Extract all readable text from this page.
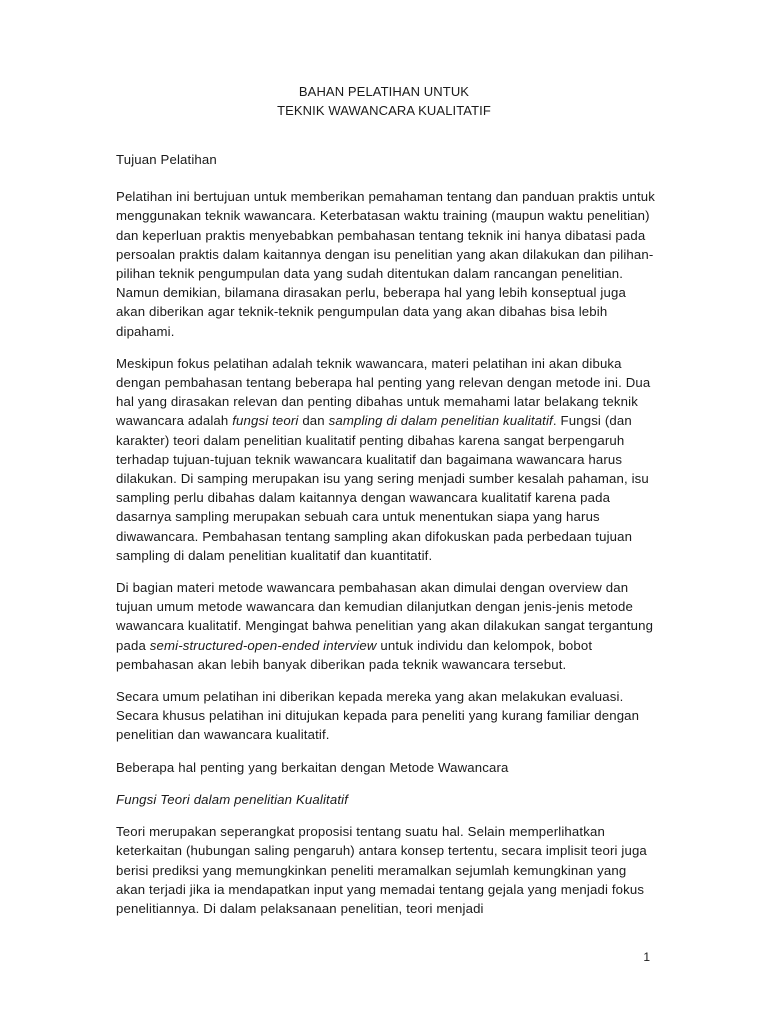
BAHAN PELATIHAN UNTUK
TEKNIK WAWANCARA KUALITATIF

Tujuan Pelatihan

Pelatihan ini bertujuan untuk memberikan pemahaman tentang dan panduan praktis untuk menggunakan teknik wawancara. Keterbatasan waktu training (maupun waktu penelitian) dan keperluan praktis menyebabkan pembahasan tentang teknik ini hanya dibatasi pada persoalan praktis dalam kaitannya dengan isu penelitian yang akan dilakukan dan pilihan-pilihan teknik pengumpulan data yang sudah ditentukan dalam rancangan penelitian. Namun demikian, bilamana dirasakan perlu, beberapa hal yang lebih konseptual juga akan diberikan agar teknik-teknik pengumpulan data yang akan dibahas bisa lebih dipahami.

Meskipun fokus pelatihan adalah teknik wawancara, materi pelatihan ini akan dibuka dengan pembahasan tentang beberapa hal penting yang relevan dengan metode ini. Dua hal yang dirasakan relevan dan penting dibahas untuk memahami latar belakang teknik wawancara adalah fungsi teori dan sampling di dalam penelitian kualitatif. Fungsi (dan karakter) teori dalam penelitian kualitatif penting dibahas karena sangat berpengaruh terhadap tujuan-tujuan teknik wawancara kualitatif dan bagaimana wawancara harus dilakukan. Di samping merupakan isu yang sering menjadi sumber kesalah pahaman, isu sampling perlu dibahas dalam kaitannya dengan wawancara kualitatif karena pada dasarnya sampling merupakan sebuah cara untuk menentukan siapa yang harus diwawancara. Pembahasan tentang sampling akan difokuskan pada perbedaan tujuan sampling di dalam penelitian kualitatif dan kuantitatif.

Di bagian materi metode wawancara pembahasan akan dimulai dengan overview dan tujuan umum metode wawancara dan kemudian dilanjutkan dengan jenis-jenis metode wawancara kualitatif. Mengingat bahwa penelitian yang akan dilakukan sangat tergantung pada semi-structured-open-ended interview untuk individu dan kelompok, bobot pembahasan akan lebih banyak diberikan pada teknik wawancara tersebut.

Secara umum pelatihan ini diberikan kepada mereka yang akan melakukan evaluasi. Secara khusus pelatihan ini ditujukan kepada para peneliti yang kurang familiar dengan penelitian dan wawancara kualitatif.

Beberapa hal penting yang berkaitan dengan Metode Wawancara

Fungsi Teori dalam penelitian Kualitatif

Teori merupakan seperangkat proposisi tentang suatu hal. Selain memperlihatkan keterkaitan (hubungan saling pengaruh) antara konsep tertentu, secara implisit teori juga berisi prediksi yang memungkinkan peneliti meramalkan sejumlah kemungkinan yang akan terjadi jika ia mendapatkan input yang memadai tentang gejala yang menjadi fokus penelitiannya. Di dalam pelaksanaan penelitian, teori menjadi

1
